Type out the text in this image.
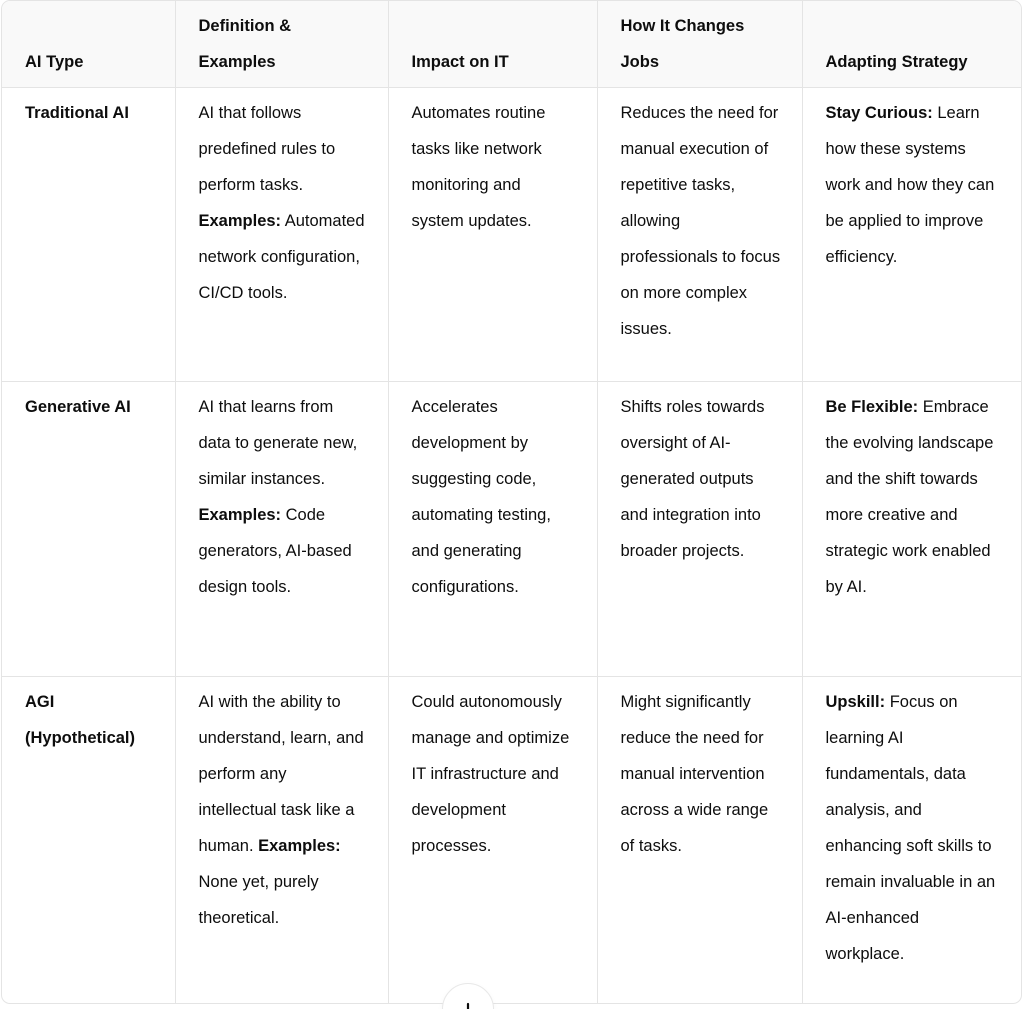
AI Type	Definition & Examples	Impact on IT	How It Changes Jobs	Adapting Strategy
Traditional AI	AI that follows predefined rules to perform tasks. Examples: Automated network configuration, CI/CD tools.	Automates routine tasks like network monitoring and system updates.	Reduces the need for manual execution of repetitive tasks, allowing professionals to focus on more complex issues.	Stay Curious: Learn how these systems work and how they can be applied to improve efficiency.
Generative AI	AI that learns from data to generate new, similar instances. Examples: Code generators, AI-based design tools.	Accelerates development by suggesting code, automating testing, and generating configurations.	Shifts roles towards oversight of AI-generated outputs and integration into broader projects.	Be Flexible: Embrace the evolving landscape and the shift towards more creative and strategic work enabled by AI.
AGI (Hypothetical)	AI with the ability to understand, learn, and perform any intellectual task like a human. Examples: None yet, purely theoretical.	Could autonomously manage and optimize IT infrastructure and development processes.	Might significantly reduce the need for manual intervention across a wide range of tasks.	Upskill: Focus on learning AI fundamentals, data analysis, and enhancing soft skills to remain invaluable in an AI-enhanced workplace.
